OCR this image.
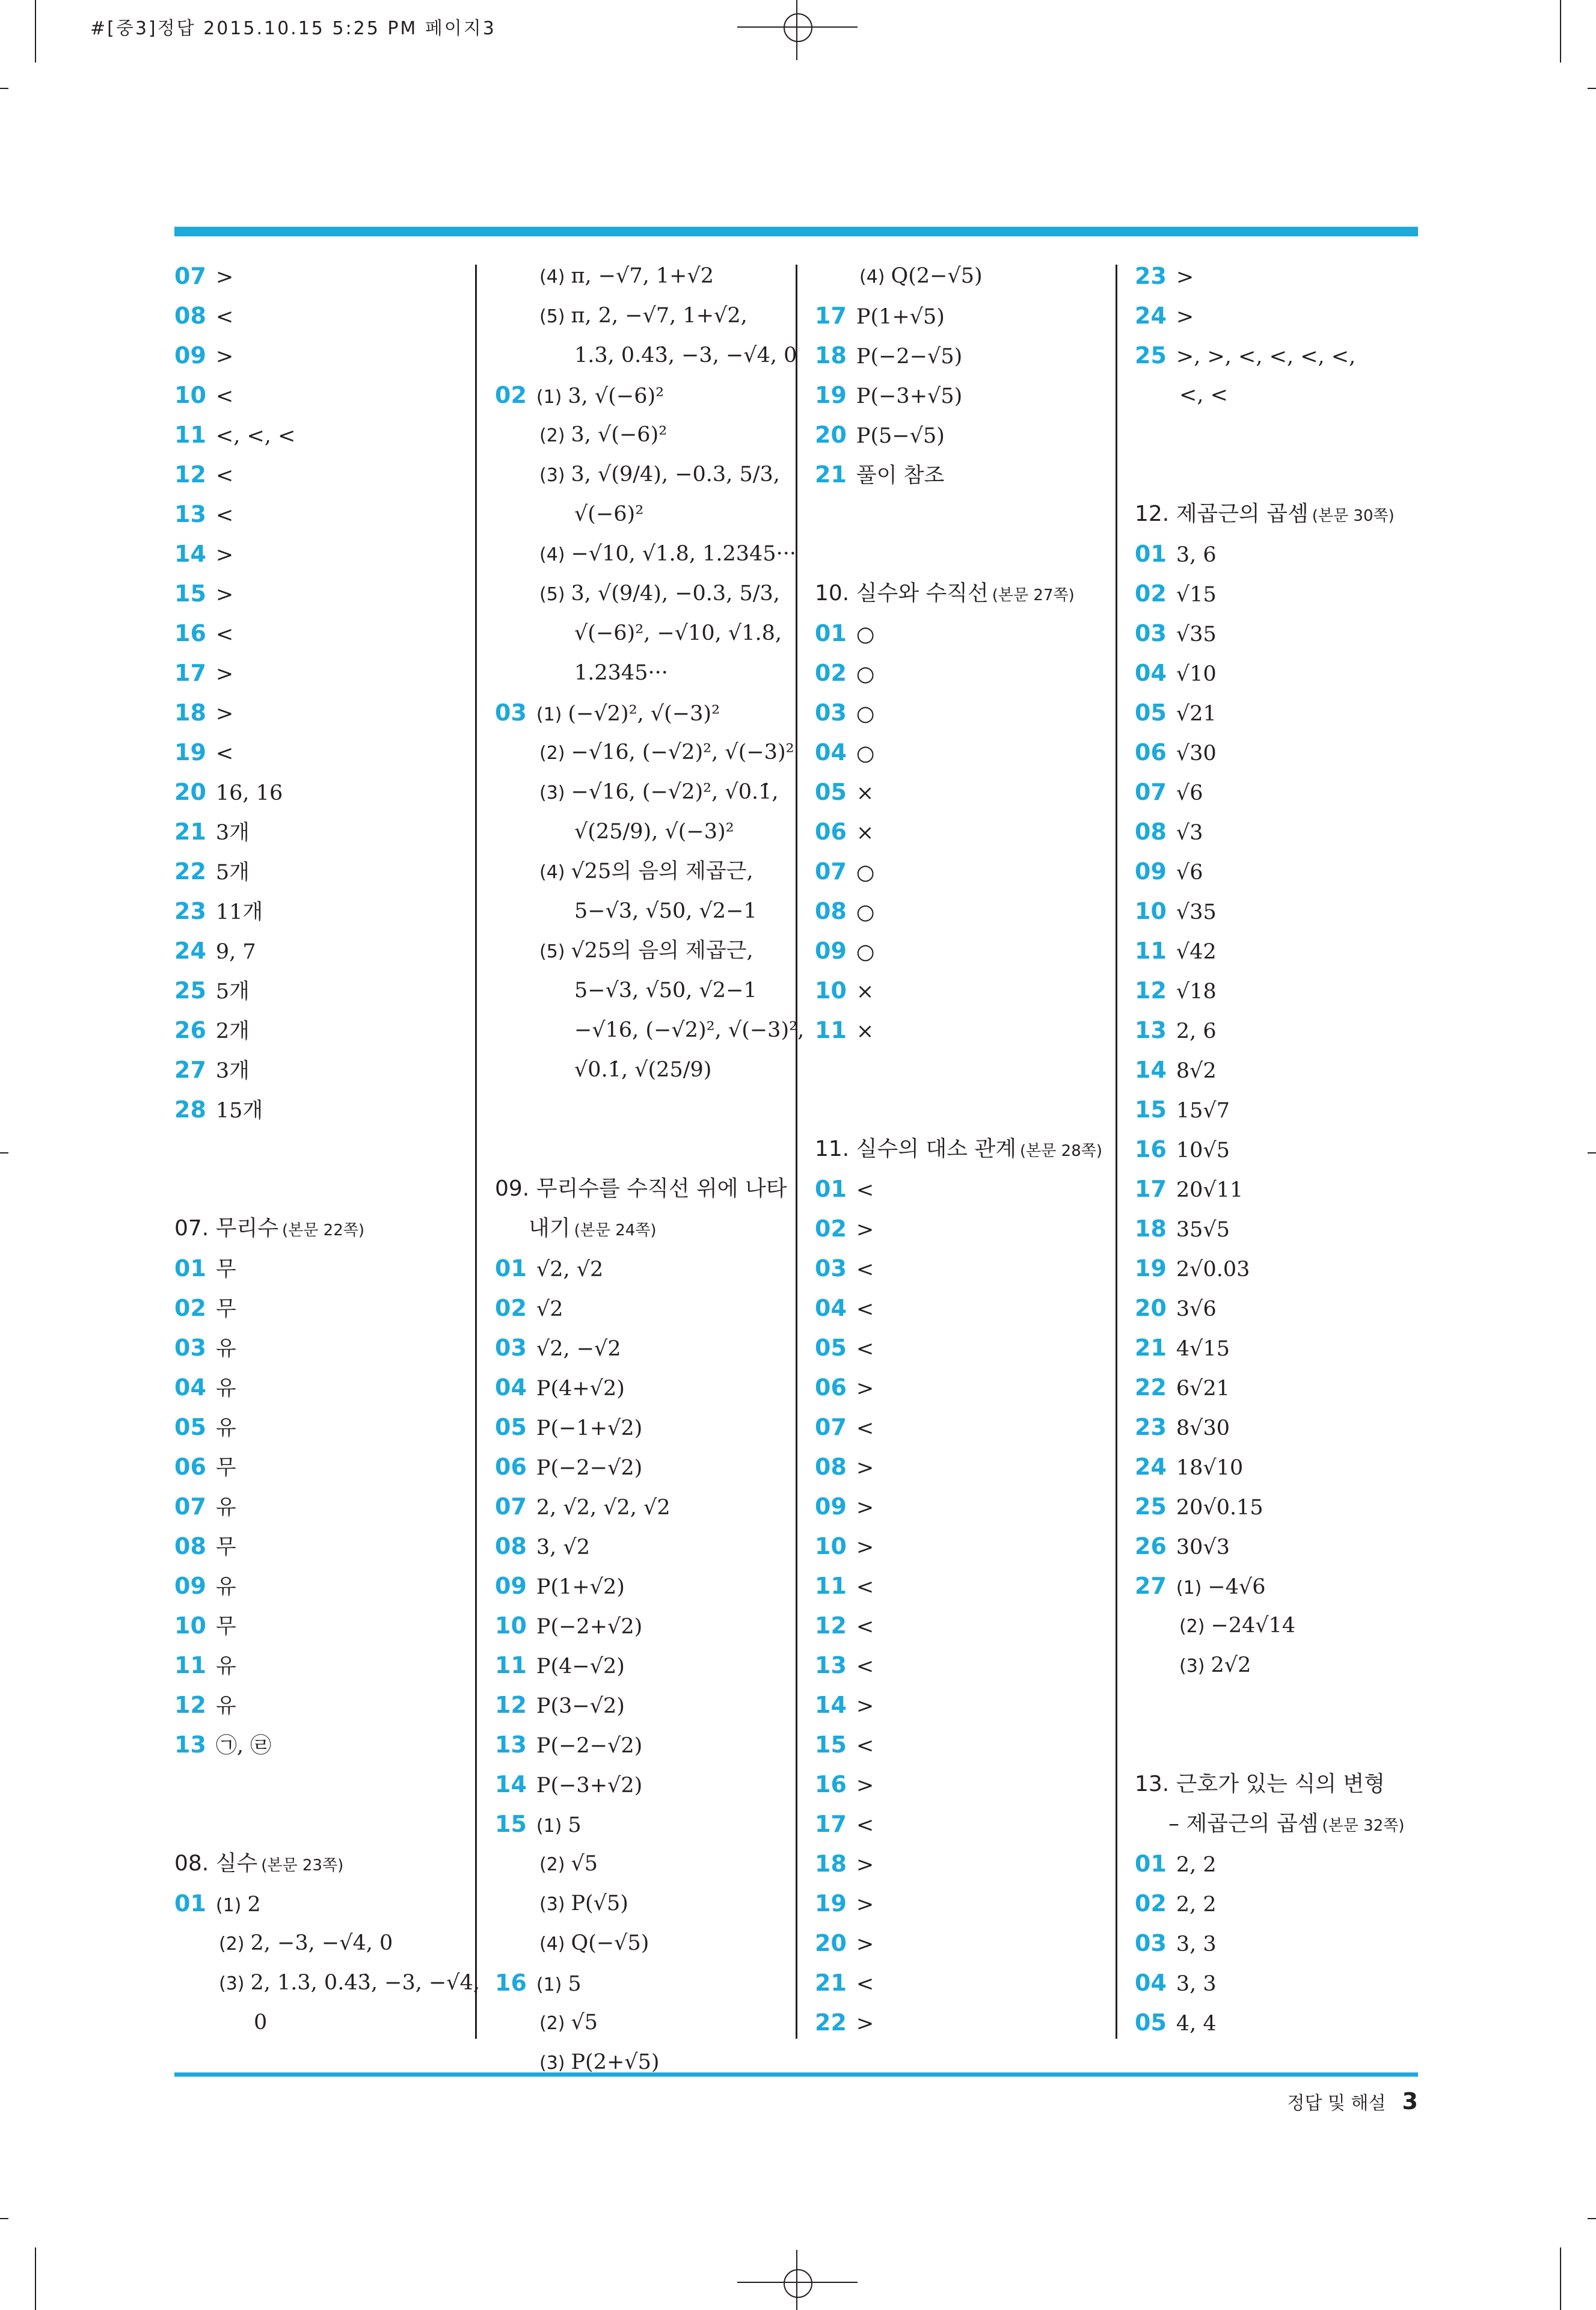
#[중3]정답 2015.10.15 5:25 PM 페이지3
07 >
08 <
09 >
10 <
11 <, <, <
12 <
13 <
14 >
15 >
16 <
17 >
18 >
19 <
20 16, 16
21 3개
22 5개
23 11개
24 9, 7
25 5개
26 2개
27 3개
28 15개
07. 무리수 (본문 22쪽)
01 무
02 무
03 유
04 유
05 유
06 무
07 유
08 무
09 유
10 무
11 유
12 유
13 ㉠, ㉣
08. 실수 (본문 23쪽)
01 (1) 2
(2) 2, −3, −√4, 0
(3) 2, 1.3, 0.43̇, −3, −√4,
0
(4) π, −√7, 1+√2
(5) π, 2, −√7, 1+√2,
1.3, 0.43̇, −3, −√4, 0
02 (1) 3, √(−6)²
(2) 3, √(−6)²
(3) 3, √(9/4), −0.3, 5/3,
√(−6)²
(4) −√10, √1.8, 1.2345···
(5) 3, √(9/4), −0.3, 5/3,
√(−6)², −√10, √1.8,
1.2345···
03 (1) (−√2)², √(−3)²
(2) −√16, (−√2)², √(−3)²
(3) −√16, (−√2)², √0.1̇,
√(25/9), √(−3)²
(4) √25의 음의 제곱근,
5−√3, √50, √2−1
(5) √25의 음의 제곱근,
5−√3, √50, √2−1
−√16, (−√2)², √(−3)²,
√0.1̇, √(25/9)
09. 무리수를 수직선 위에 나타
내기 (본문 24쪽)
01 √2, √2
02 √2
03 √2, −√2
04 P(4+√2)
05 P(−1+√2)
06 P(−2−√2)
07 2, √2, √2, √2
08 3, √2
09 P(1+√2)
10 P(−2+√2)
11 P(4−√2)
12 P(3−√2)
13 P(−2−√2)
14 P(−3+√2)
15 (1) 5
(2) √5
(3) P(√5)
(4) Q(−√5)
16 (1) 5
(2) √5
(3) P(2+√5)
(4) Q(2−√5)
17 P(1+√5)
18 P(−2−√5)
19 P(−3+√5)
20 P(5−√5)
21 풀이 참조
10. 실수와 수직선 (본문 27쪽)
01 ○
02 ○
03 ○
04 ○
05 ×
06 ×
07 ○
08 ○
09 ○
10 ×
11 ×
11. 실수의 대소 관계 (본문 28쪽)
01 <
02 >
03 <
04 <
05 <
06 >
07 <
08 >
09 >
10 >
11 <
12 <
13 <
14 >
15 <
16 >
17 <
18 >
19 >
20 >
21 <
22 >
23 >
24 >
25 >, >, <, <, <, <,
<, <
12. 제곱근의 곱셈 (본문 30쪽)
01 3, 6
02 √15
03 √35
04 √10
05 √21
06 √30
07 √6
08 √3
09 √6
10 √35
11 √42
12 √18
13 2, 6
14 8√2
15 15√7
16 10√5
17 20√11
18 35√5
19 2√0.03
20 3√6
21 4√15
22 6√21
23 8√30
24 18√10
25 20√0.15
26 30√3
27 (1) −4√6
(2) −24√14
(3) 2√2
13. 근호가 있는 식의 변형
– 제곱근의 곱셈 (본문 32쪽)
01 2, 2
02 2, 2
03 3, 3
04 3, 3
05 4, 4
정답 및 해설 3
